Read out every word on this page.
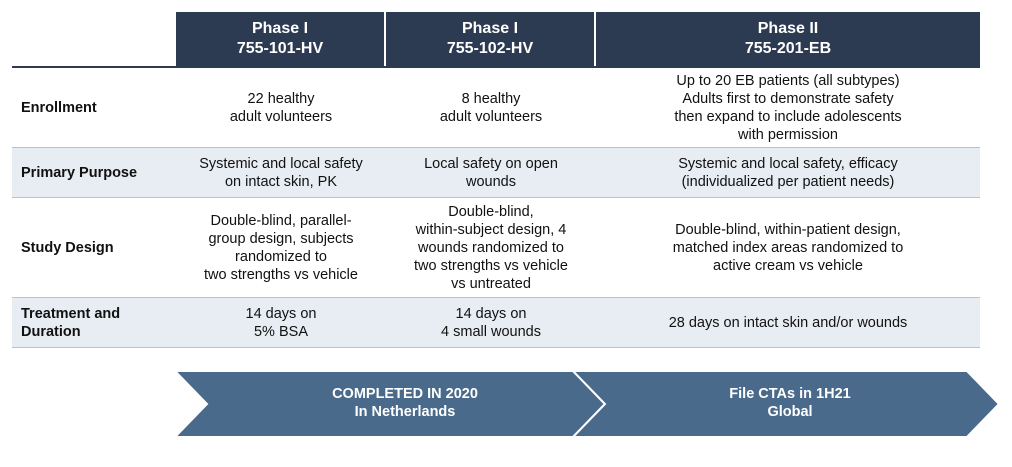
Phase I
755-101-HV
Phase I
755-102-HV
Phase II
755-201-EB
Enrollment
22 healthy
adult volunteers
8 healthy
adult volunteers
Up to 20 EB patients (all subtypes)
Adults first to demonstrate safety
then expand to include adolescents
with permission
Primary Purpose
Systemic and local safety
on intact skin, PK
Local safety on open
wounds
Systemic and local safety, efficacy
(individualized per patient needs)
Study Design
Double-blind, parallel-
group design, subjects
randomized to
two strengths vs vehicle
Double-blind,
within-subject design, 4
wounds randomized to
two strengths vs vehicle
vs untreated
Double-blind, within-patient design,
matched index areas randomized to
active cream vs vehicle
Treatment and
Duration
14 days on
5% BSA
14 days on
4 small wounds
28 days on intact skin and/or wounds
COMPLETED IN 2020
In Netherlands
File CTAs in 1H21
Global
